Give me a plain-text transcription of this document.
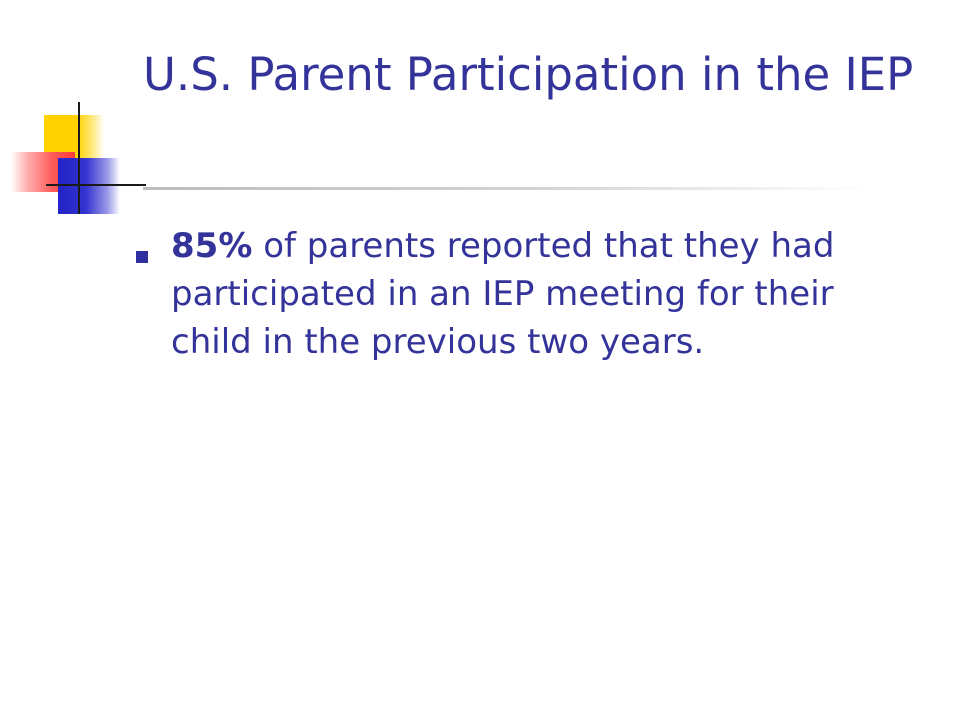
U.S. Parent Participation in the IEP

85% of parents reported that they had participated in an IEP meeting for their child in the previous two years.
